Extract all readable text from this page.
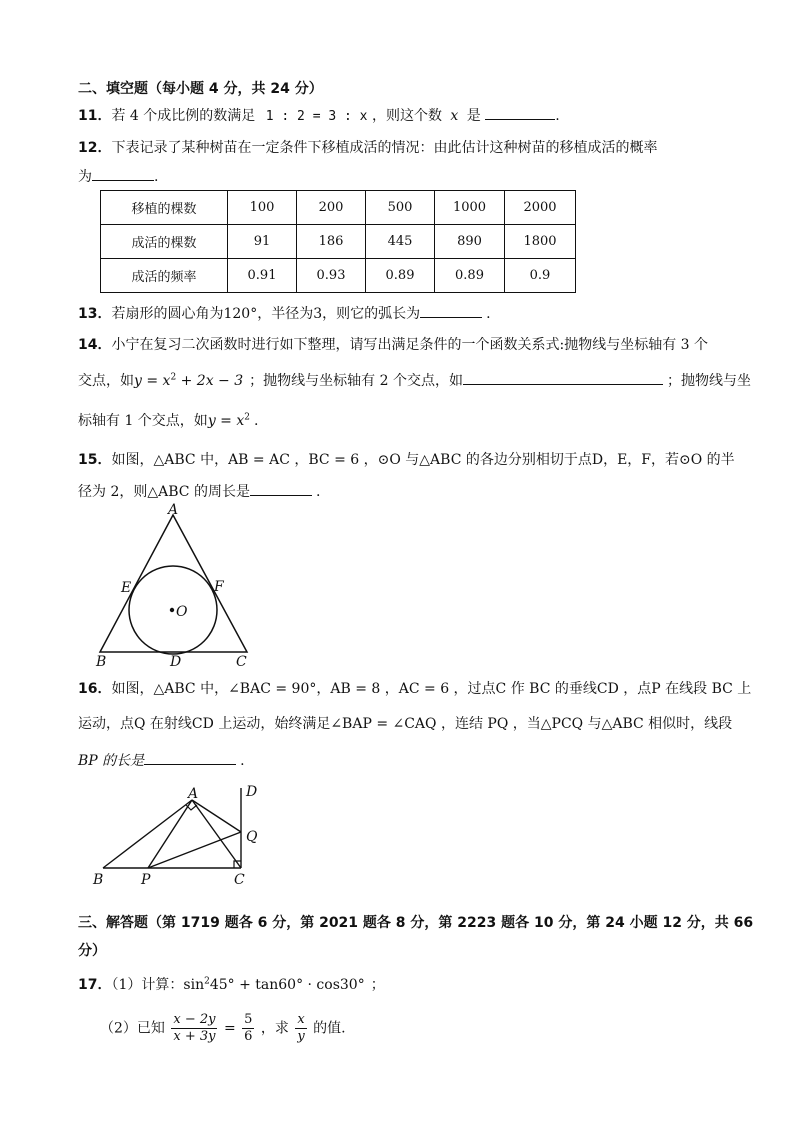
二、填空题（每小题 4 分，共 24 分）
11．若 4 个成比例的数满足 1 : 2 = 3 : x ，则这个数 x 是	.
12．下表记录了某种树苗在一定条件下移植成活的情况：由此估计这种树苗的移植成活的概率
为	.
移植的棵数	100	200	500	1000	2000
成活的棵数	91	186	445	890	1800
成活的频率	0.91	0.93	0.89	0.89	0.9
13．若扇形的圆心角为120°，半径为3，则它的弧长为	.
14．小宁在复习二次函数时进行如下整理，请写出满足条件的一个函数关系式:抛物线与坐标轴有 3 个
交点，如$y = x^2 + 2x - 3$ ；抛物线与坐标轴有 2 个交点，如	；抛物线与坐
标轴有 1 个交点，如$y = x^2$ .
15．如图，△ABC 中，AB = AC ，BC = 6 ，⊙O 与△ABC 的各边分别相切于点D，E，F，若⊙O 的半
径为 2，则△ABC 的周长是	.
A
E	F
O
B	D	C
16．如图，△ABC 中，∠BAC = 90°，AB = 8 ，AC = 6 ，过点C 作 BC 的垂线CD ，点P 在线段 BC 上
运动，点Q 在射线CD 上运动，始终满足∠BAP = ∠CAQ ，连结 PQ ，当△PCQ 与△ABC 相似时，线段
BP 的长是	.
A	D
Q
B	P	C
三、解答题（第 1719 题各 6 分，第 2021 题各 8 分，第 2223 题各 10 分，第 24 小题 12 分，共 66
分）
17．（1）计算：$\sin^245^\circ + \tan 60^\circ \cdot \cos 30^\circ$ ；
（2）已知 $\frac{x - 2y}{x + 3y} = \frac{5}{6}$ ，求 $\frac{x}{y}$ 的值.
